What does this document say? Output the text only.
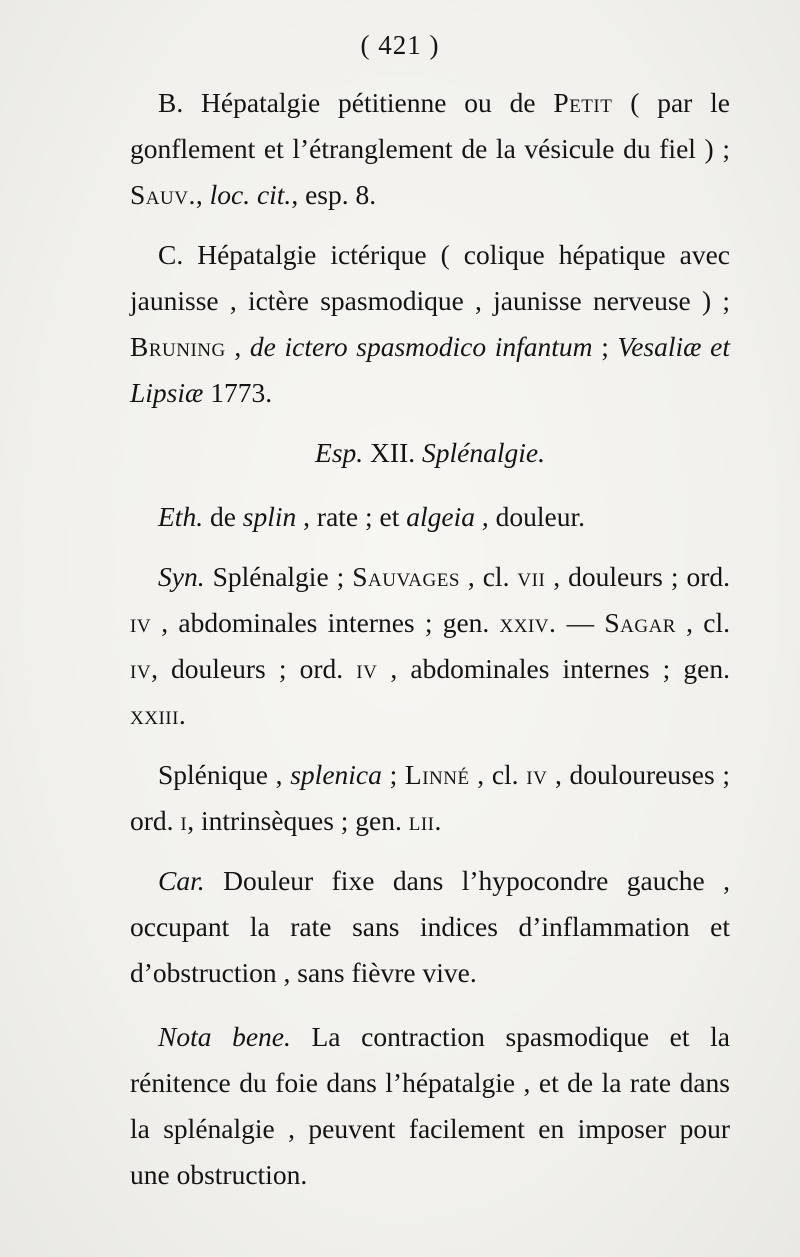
( 421 )

B. Hépatalgie pétitienne ou de Petit ( par le gonflement et l’étranglement de la vésicule du fiel ) ; Sauv., loc. cit., esp. 8.

C. Hépatalgie ictérique ( colique hépatique avec jaunisse , ictère spasmodique , jaunisse nerveuse ) ; Bruning , de ictero spasmodico infantum ; Vesaliæ et Lipsiæ 1773.

Esp. XII. Splénalgie.

Eth. de splin , rate ; et algeia , douleur.

Syn. Splénalgie ; Sauvages , cl. vii , douleurs ; ord. iv , abdominales internes ; gen. xxiv. — Sagar , cl. iv, douleurs ; ord. iv , abdominales internes ; gen. xxiii.

Splénique , splenica ; Linné , cl. iv , douloureuses ; ord. i, intrinsèques ; gen. lii.

Car. Douleur fixe dans l’hypocondre gauche , occupant la rate sans indices d’inflammation et d’obstruction , sans fièvre vive.

Nota bene. La contraction spasmodique et la rénitence du foie dans l’hépatalgie , et de la rate dans la splénalgie , peuvent facilement en imposer pour une obstruction.
